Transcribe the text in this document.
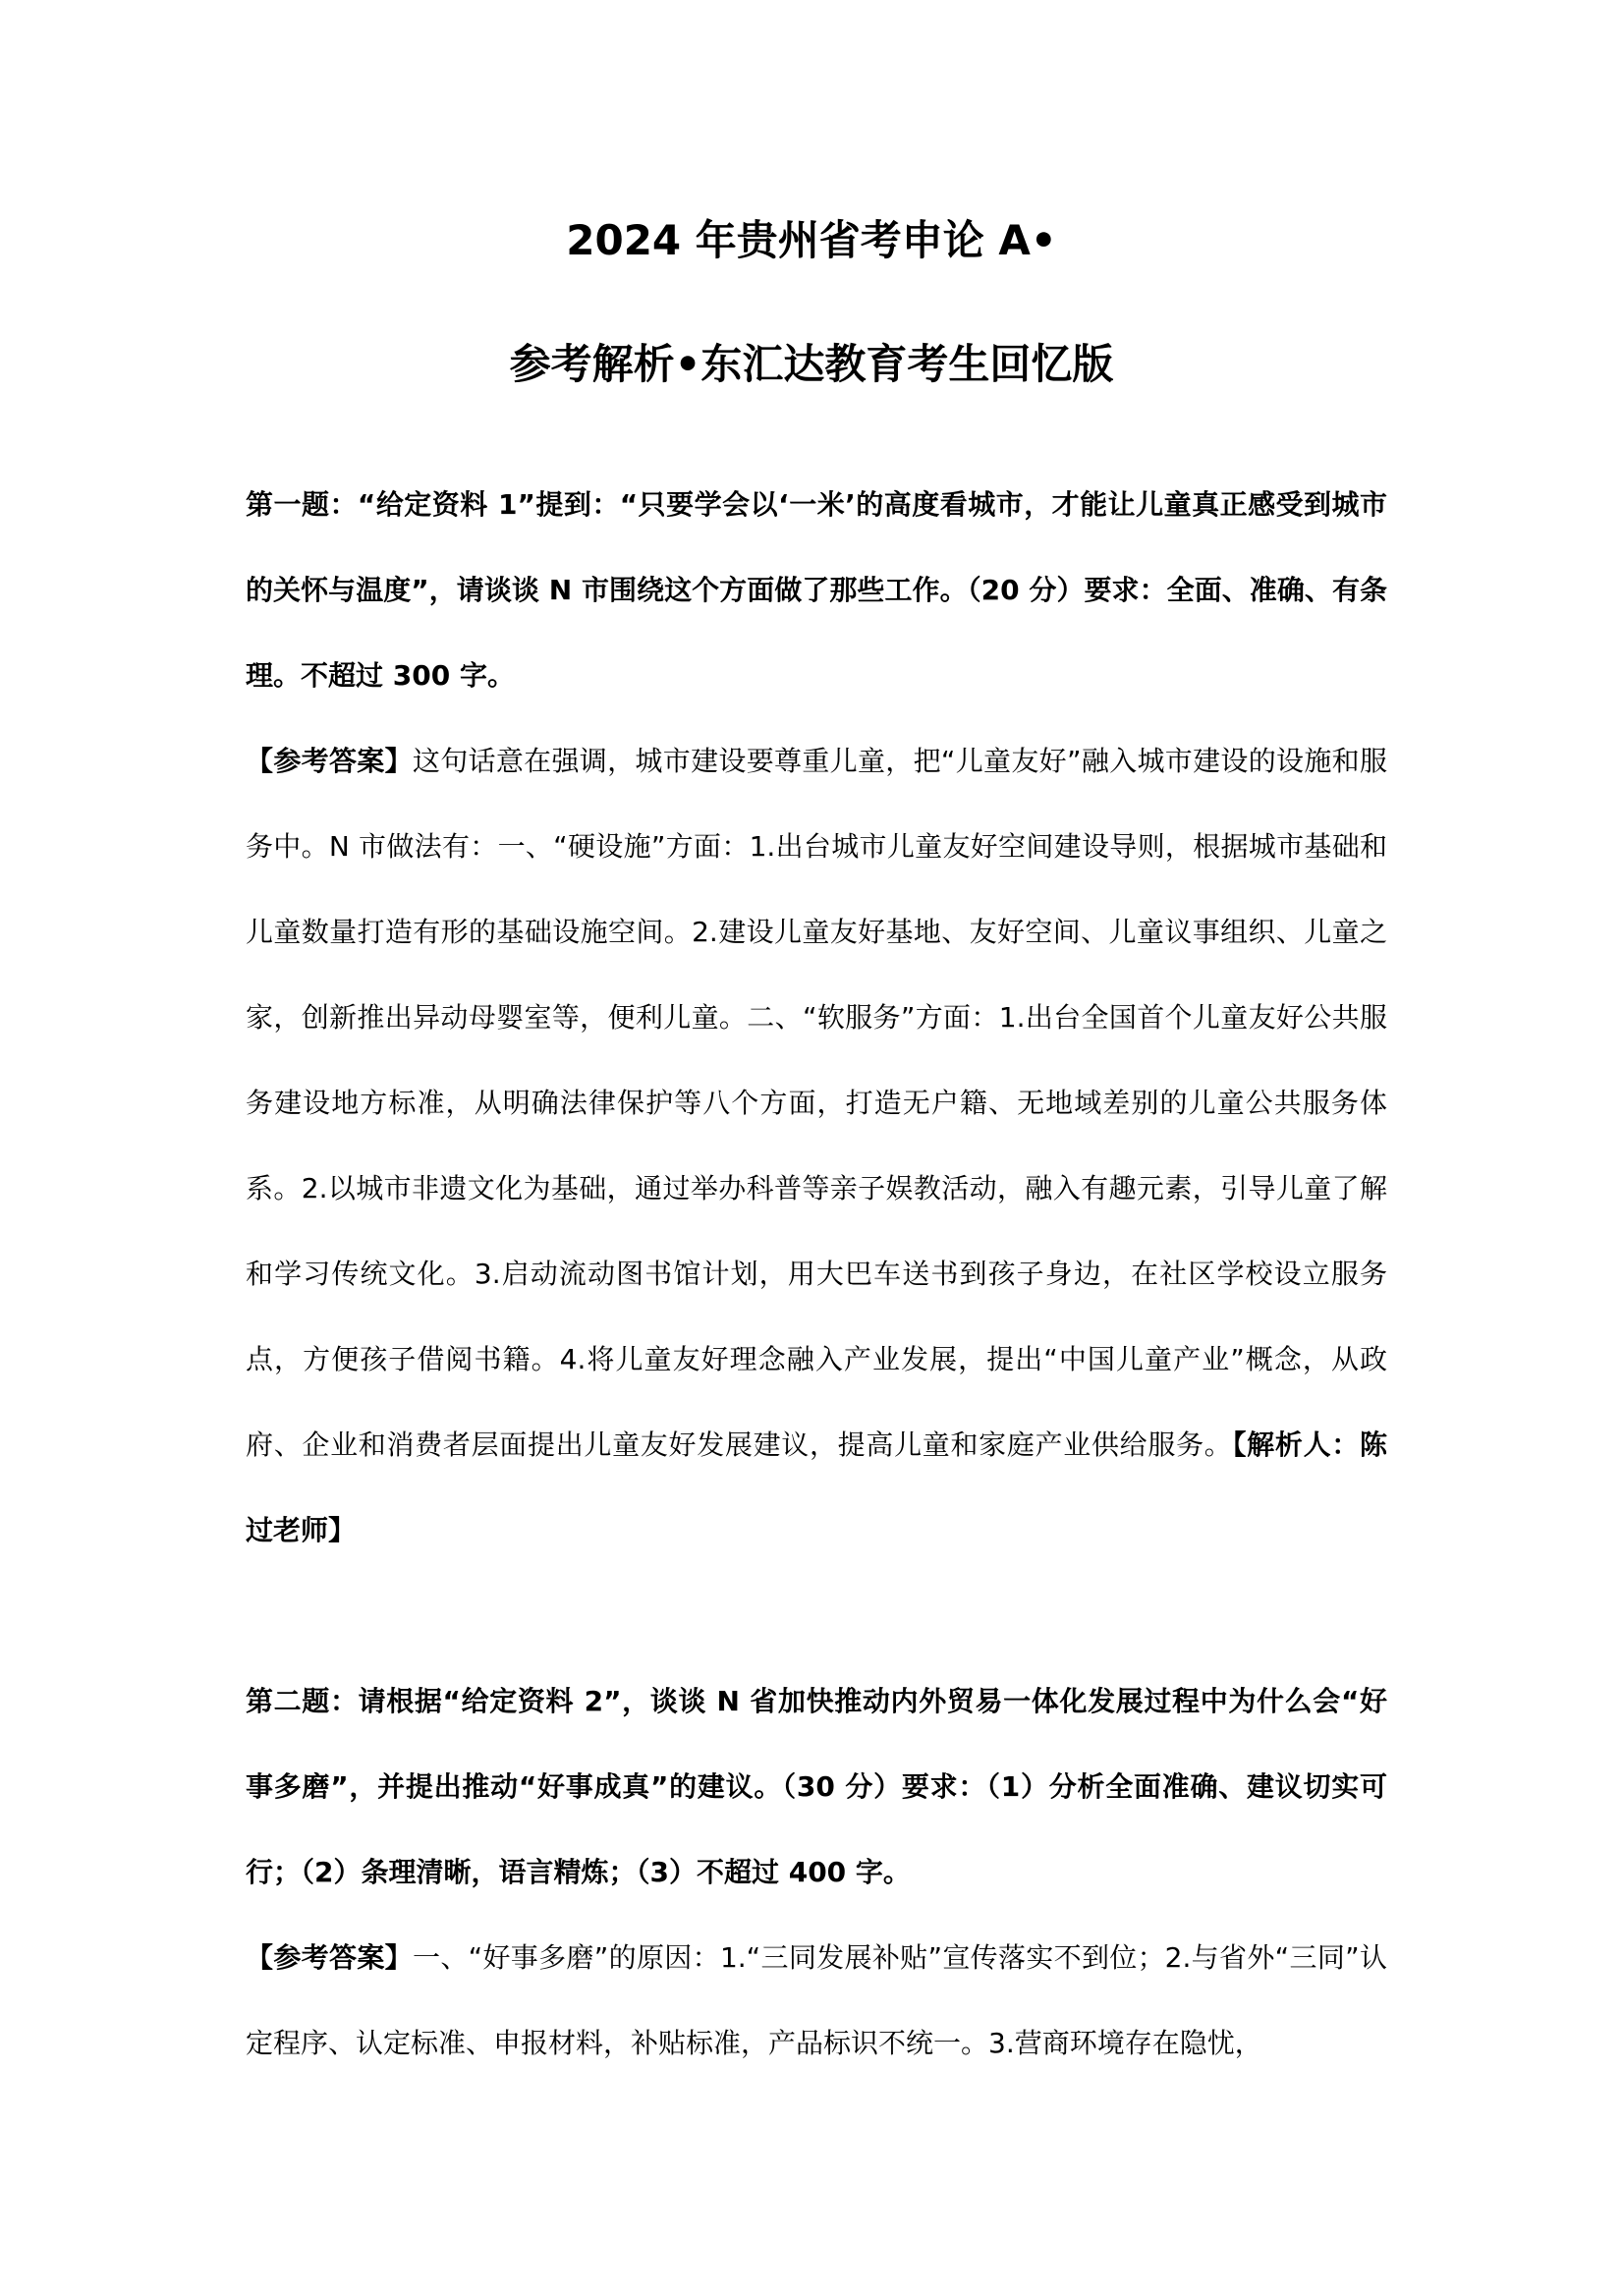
2024 年贵州省考申论 A•
参考解析•东汇达教育考生回忆版

第一题：“给定资料 1”提到：“只要学会以‘一米’的高度看城市，才能让儿童真正感受到城市的关怀与温度”，请谈谈 N 市围绕这个方面做了那些工作。（20 分）要求：全面、准确、有条理。不超过 300 字。

【参考答案】这句话意在强调，城市建设要尊重儿童，把“儿童友好”融入城市建设的设施和服务中。N 市做法有：一、“硬设施”方面：1.出台城市儿童友好空间建设导则，根据城市基础和儿童数量打造有形的基础设施空间。2.建设儿童友好基地、友好空间、儿童议事组织、儿童之家，创新推出异动母婴室等，便利儿童。二、“软服务”方面：1.出台全国首个儿童友好公共服务建设地方标准，从明确法律保护等八个方面，打造无户籍、无地域差别的儿童公共服务体系。2.以城市非遗文化为基础，通过举办科普等亲子娱教活动，融入有趣元素，引导儿童了解和学习传统文化。3.启动流动图书馆计划，用大巴车送书到孩子身边，在社区学校设立服务点，方便孩子借阅书籍。4.将儿童友好理念融入产业发展，提出“中国儿童产业”概念，从政府、企业和消费者层面提出儿童友好发展建议，提高儿童和家庭产业供给服务。【解析人：陈过老师】

第二题：请根据“给定资料 2”，谈谈 N 省加快推动内外贸易一体化发展过程中为什么会“好事多磨”，并提出推动“好事成真”的建议。（30 分）要求：（1）分析全面准确、建议切实可行；（2）条理清晰，语言精炼；（3）不超过 400 字。

【参考答案】一、“好事多磨”的原因：1.“三同发展补贴”宣传落实不到位；2.与省外“三同”认定程序、认定标准、申报材料，补贴标准，产品标识不统一。3.营商环境存在隐忧，
